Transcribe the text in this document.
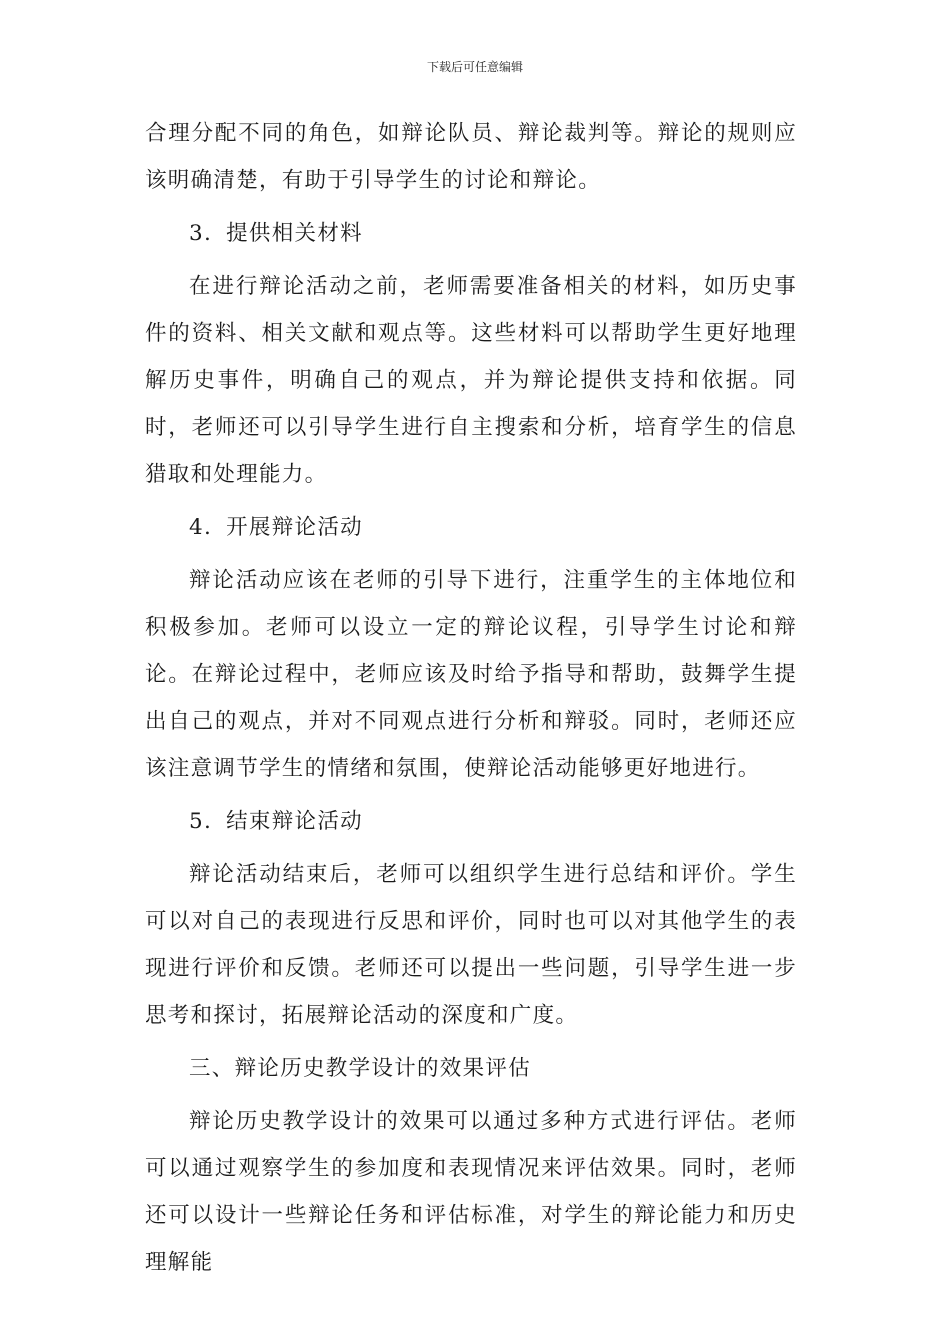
下载后可任意编辑

合理分配不同的角色，如辩论队员、辩论裁判等。辩论的规则应该明确清楚，有助于引导学生的讨论和辩论。

3. 提供相关材料

在进行辩论活动之前，老师需要准备相关的材料，如历史事件的资料、相关文献和观点等。这些材料可以帮助学生更好地理解历史事件，明确自己的观点，并为辩论提供支持和依据。同时，老师还可以引导学生进行自主搜索和分析，培育学生的信息猎取和处理能力。

4. 开展辩论活动

辩论活动应该在老师的引导下进行，注重学生的主体地位和积极参加。老师可以设立一定的辩论议程，引导学生讨论和辩论。在辩论过程中，老师应该及时给予指导和帮助，鼓舞学生提出自己的观点，并对不同观点进行分析和辩驳。同时，老师还应该注意调节学生的情绪和氛围，使辩论活动能够更好地进行。

5. 结束辩论活动

辩论活动结束后，老师可以组织学生进行总结和评价。学生可以对自己的表现进行反思和评价，同时也可以对其他学生的表现进行评价和反馈。老师还可以提出一些问题，引导学生进一步思考和探讨，拓展辩论活动的深度和广度。

三、辩论历史教学设计的效果评估

辩论历史教学设计的效果可以通过多种方式进行评估。老师可以通过观察学生的参加度和表现情况来评估效果。同时，老师还可以设计一些辩论任务和评估标准，对学生的辩论能力和历史理解能
